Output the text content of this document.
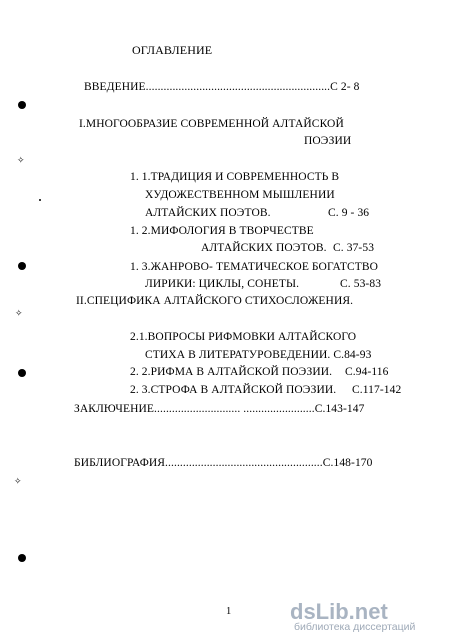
ОГЛАВЛЕНИЕ
ВВЕДЕНИЕ..............................................................С 2- 8
I.МНОГООБРАЗИЕ СОВРЕМЕННОЙ АЛТАЙСКОЙ
ПОЭЗИИ
1. 1.ТРАДИЦИЯ И СОВРЕМЕННОСТЬ В
ХУДОЖЕСТВЕННОМ МЫШЛЕНИИ
АЛТАЙСКИХ ПОЭТОВ.	С. 9 - 36
1. 2.МИФОЛОГИЯ В ТВОРЧЕСТВЕ
АЛТАЙСКИХ ПОЭТОВ. С. 37-53
1. 3.ЖАНРОВО- ТЕМАТИЧЕСКОЕ БОГАТСТВО
ЛИРИКИ: ЦИКЛЫ, СОНЕТЫ.	С. 53-83
II.СПЕЦИФИКА АЛТАЙСКОГО СТИХОСЛОЖЕНИЯ.
2.1.ВОПРОСЫ РИФМОВКИ АЛТАЙСКОГО
СТИХА В ЛИТЕРАТУРОВЕДЕНИИ. С.84-93
2. 2.РИФМА В АЛТАЙСКОЙ ПОЭЗИИ. С.94-116
2. 3.СТРОФА В АЛТАЙСКОЙ ПОЭЗИИ. С.117-142
ЗАКЛЮЧЕНИЕ............................. ........................С.143-147
БИБЛИОГРАФИЯ.....................................................С.148-170
1
✧
✧
✧
dsLib.net
библиотека диссертаций
